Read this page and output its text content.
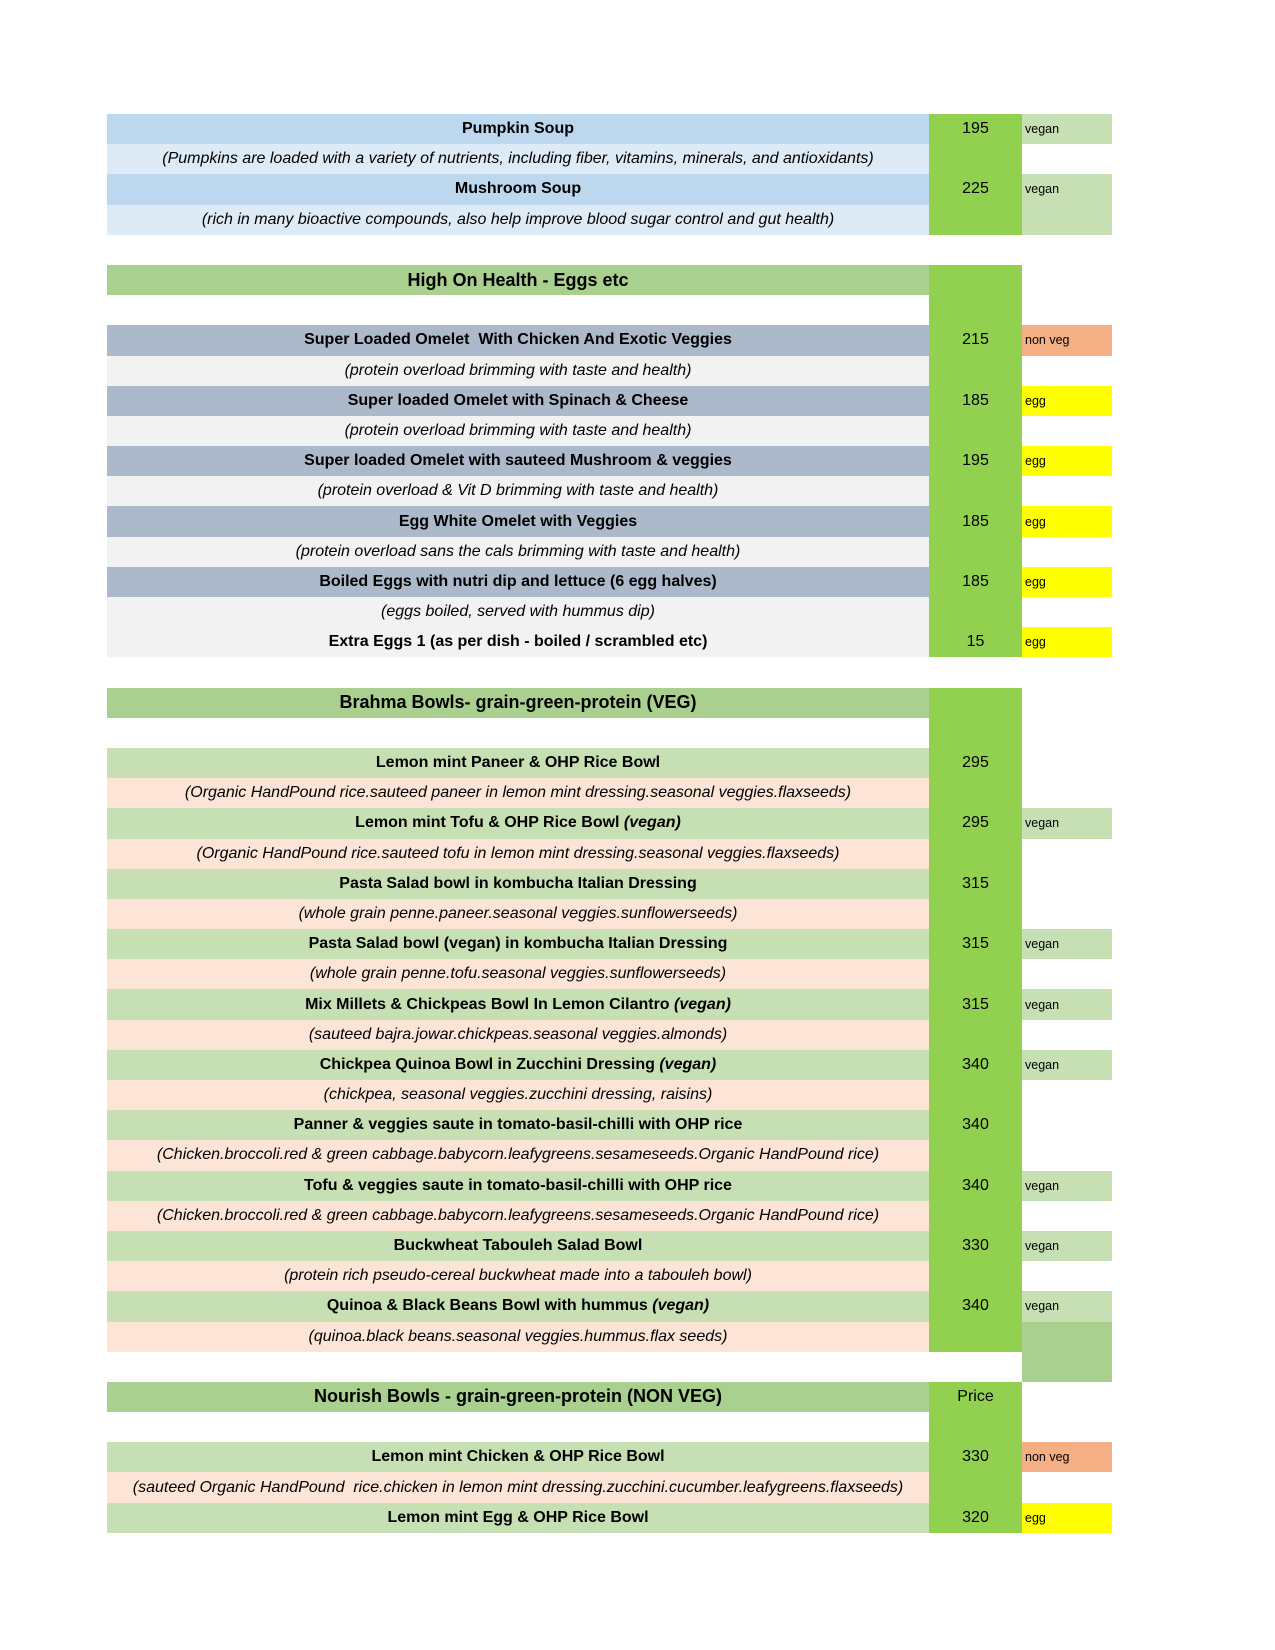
Pumpkin Soup	195	vegan
(Pumpkins are loaded with a variety of nutrients, including fiber, vitamins, minerals, and antioxidants)
Mushroom Soup	225	vegan
(rich in many bioactive compounds, also help improve blood sugar control and gut health)
High On Health - Eggs etc
Super Loaded Omelet  With Chicken And Exotic Veggies	215	non veg
(protein overload brimming with taste and health)
Super loaded Omelet with Spinach & Cheese	185	egg
(protein overload brimming with taste and health)
Super loaded Omelet with sauteed Mushroom & veggies	195	egg
(protein overload & Vit D brimming with taste and health)
Egg White Omelet with Veggies	185	egg
(protein overload sans the cals brimming with taste and health)
Boiled Eggs with nutri dip and lettuce (6 egg halves)	185	egg
(eggs boiled, served with hummus dip)
Extra Eggs 1 (as per dish - boiled / scrambled etc)	15	egg
Brahma Bowls- grain-green-protein (VEG)
Lemon mint Paneer & OHP Rice Bowl	295
(Organic HandPound rice.sauteed paneer in lemon mint dressing.seasonal veggies.flaxseeds)
Lemon mint Tofu & OHP Rice Bowl (vegan)	295	vegan
(Organic HandPound rice.sauteed tofu in lemon mint dressing.seasonal veggies.flaxseeds)
Pasta Salad bowl in kombucha Italian Dressing	315
(whole grain penne.paneer.seasonal veggies.sunflowerseeds)
Pasta Salad bowl (vegan) in kombucha Italian Dressing	315	vegan
(whole grain penne.tofu.seasonal veggies.sunflowerseeds)
Mix Millets & Chickpeas Bowl In Lemon Cilantro (vegan)	315	vegan
(sauteed bajra.jowar.chickpeas.seasonal veggies.almonds)
Chickpea Quinoa Bowl in Zucchini Dressing (vegan)	340	vegan
(chickpea, seasonal veggies.zucchini dressing, raisins)
Panner & veggies saute in tomato-basil-chilli with OHP rice	340
(Chicken.broccoli.red & green cabbage.babycorn.leafygreens.sesameseeds.Organic HandPound rice)
Tofu & veggies saute in tomato-basil-chilli with OHP rice	340	vegan
(Chicken.broccoli.red & green cabbage.babycorn.leafygreens.sesameseeds.Organic HandPound rice)
Buckwheat Tabouleh Salad Bowl	330	vegan
(protein rich pseudo-cereal buckwheat made into a tabouleh bowl)
Quinoa & Black Beans Bowl with hummus (vegan)	340	vegan
(quinoa.black beans.seasonal veggies.hummus.flax seeds)
Nourish Bowls - grain-green-protein (NON VEG)	Price
Lemon mint Chicken & OHP Rice Bowl	330	non veg
(sauteed Organic HandPound  rice.chicken in lemon mint dressing.zucchini.cucumber.leafygreens.flaxseeds)
Lemon mint Egg & OHP Rice Bowl	320	egg
